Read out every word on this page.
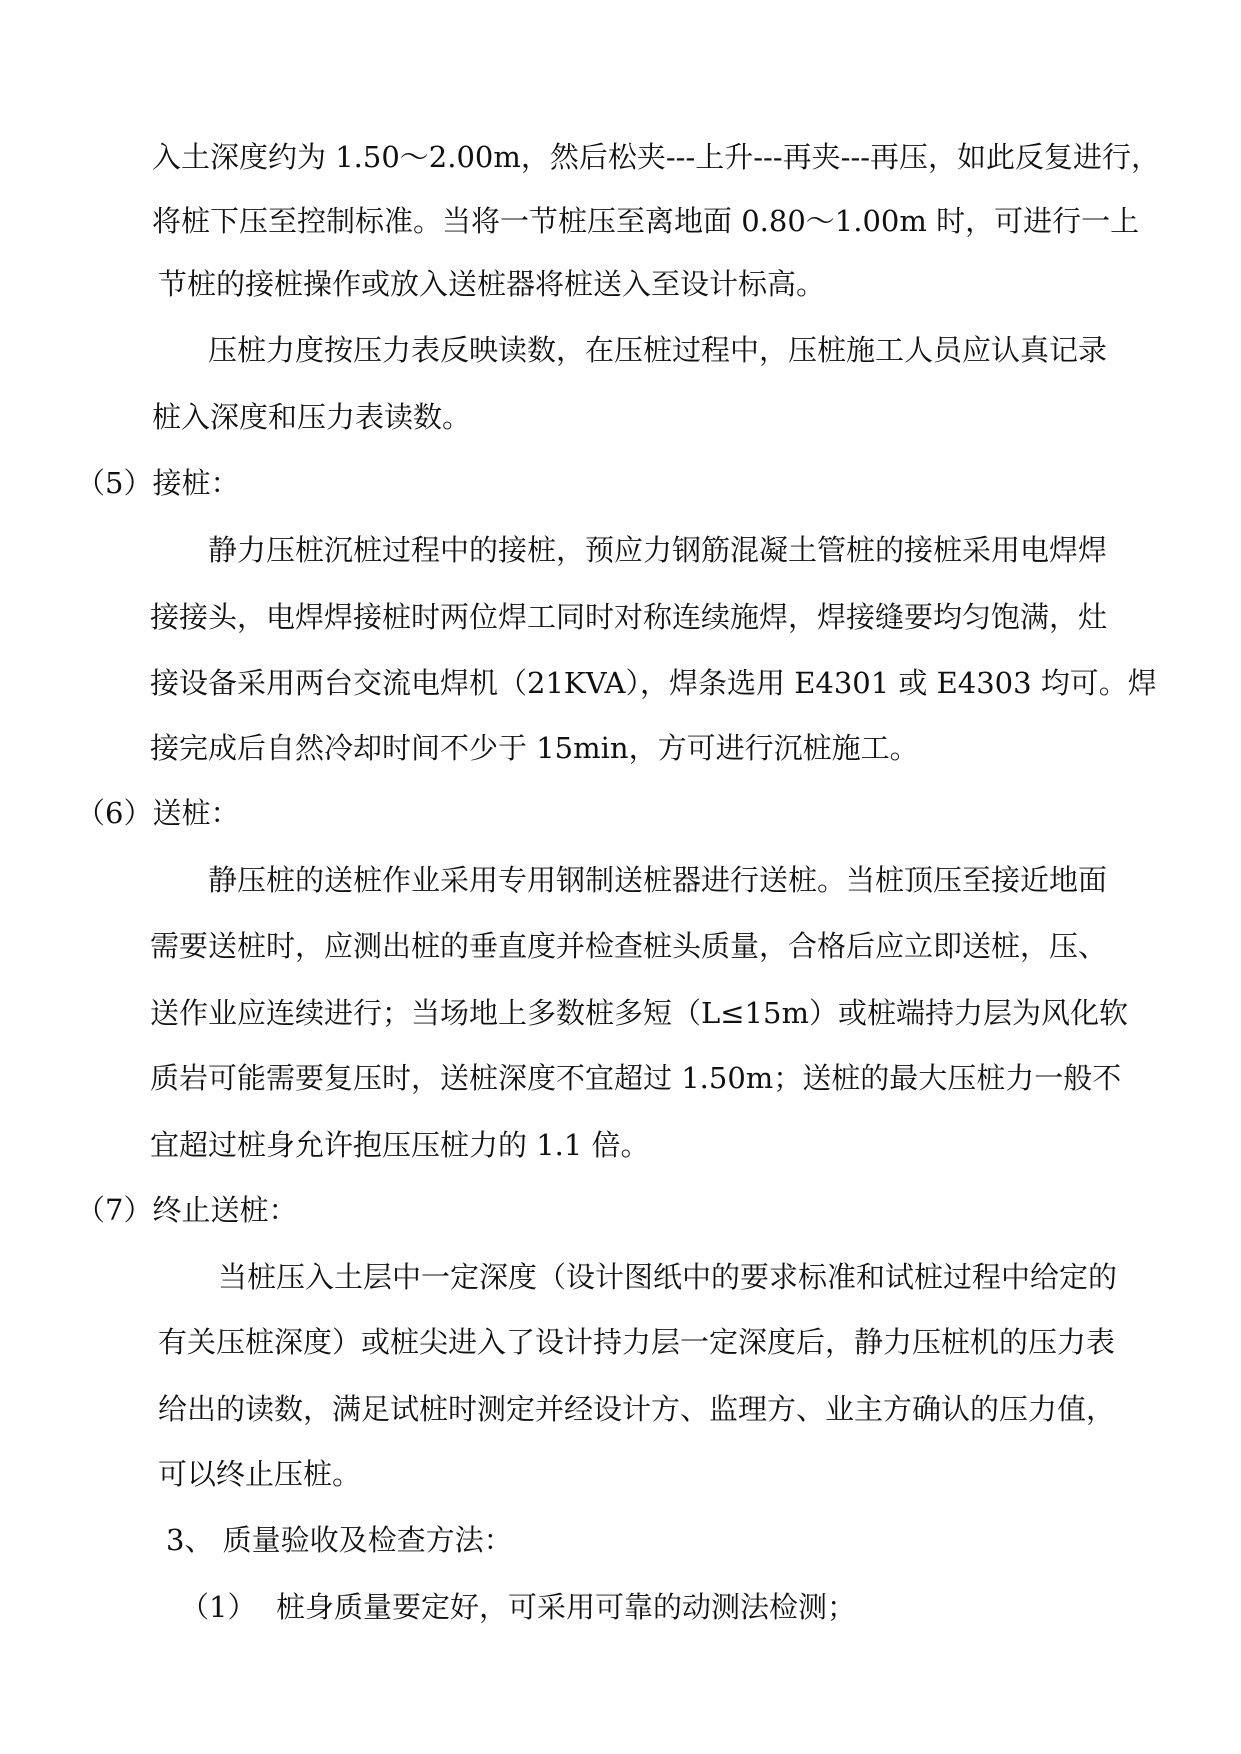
入土深度约为 1.50～2.00m，然后松夹---上升---再夹---再压，如此反复进行，
将桩下压至控制标准。当将一节桩压至离地面 0.80～1.00m 时，可进行一上
节桩的接桩操作或放入送桩器将桩送入至设计标高。
压桩力度按压力表反映读数，在压桩过程中，压桩施工人员应认真记录
桩入深度和压力表读数。
（5）接桩：
静力压桩沉桩过程中的接桩，预应力钢筋混凝土管桩的接桩采用电焊焊
接接头，电焊焊接桩时两位焊工同时对称连续施焊，焊接缝要均匀饱满，灶
接设备采用两台交流电焊机（21KVA），焊条选用 E4301 或 E4303 均可。焊
接完成后自然冷却时间不少于 15min，方可进行沉桩施工。
（6）送桩：
静压桩的送桩作业采用专用钢制送桩器进行送桩。当桩顶压至接近地面
需要送桩时，应测出桩的垂直度并检查桩头质量，合格后应立即送桩，压、
送作业应连续进行；当场地上多数桩多短（L≤15m）或桩端持力层为风化软
质岩可能需要复压时，送桩深度不宜超过 1.50m；送桩的最大压桩力一般不
宜超过桩身允许抱压压桩力的 1.1 倍。
（7）终止送桩：
当桩压入土层中一定深度（设计图纸中的要求标准和试桩过程中给定的
有关压桩深度）或桩尖进入了设计持力层一定深度后，静力压桩机的压力表
给出的读数，满足试桩时测定并经设计方、监理方、业主方确认的压力值，
可以终止压桩。
3、 质量验收及检查方法：
（1） 桩身质量要定好，可采用可靠的动测法检测；
